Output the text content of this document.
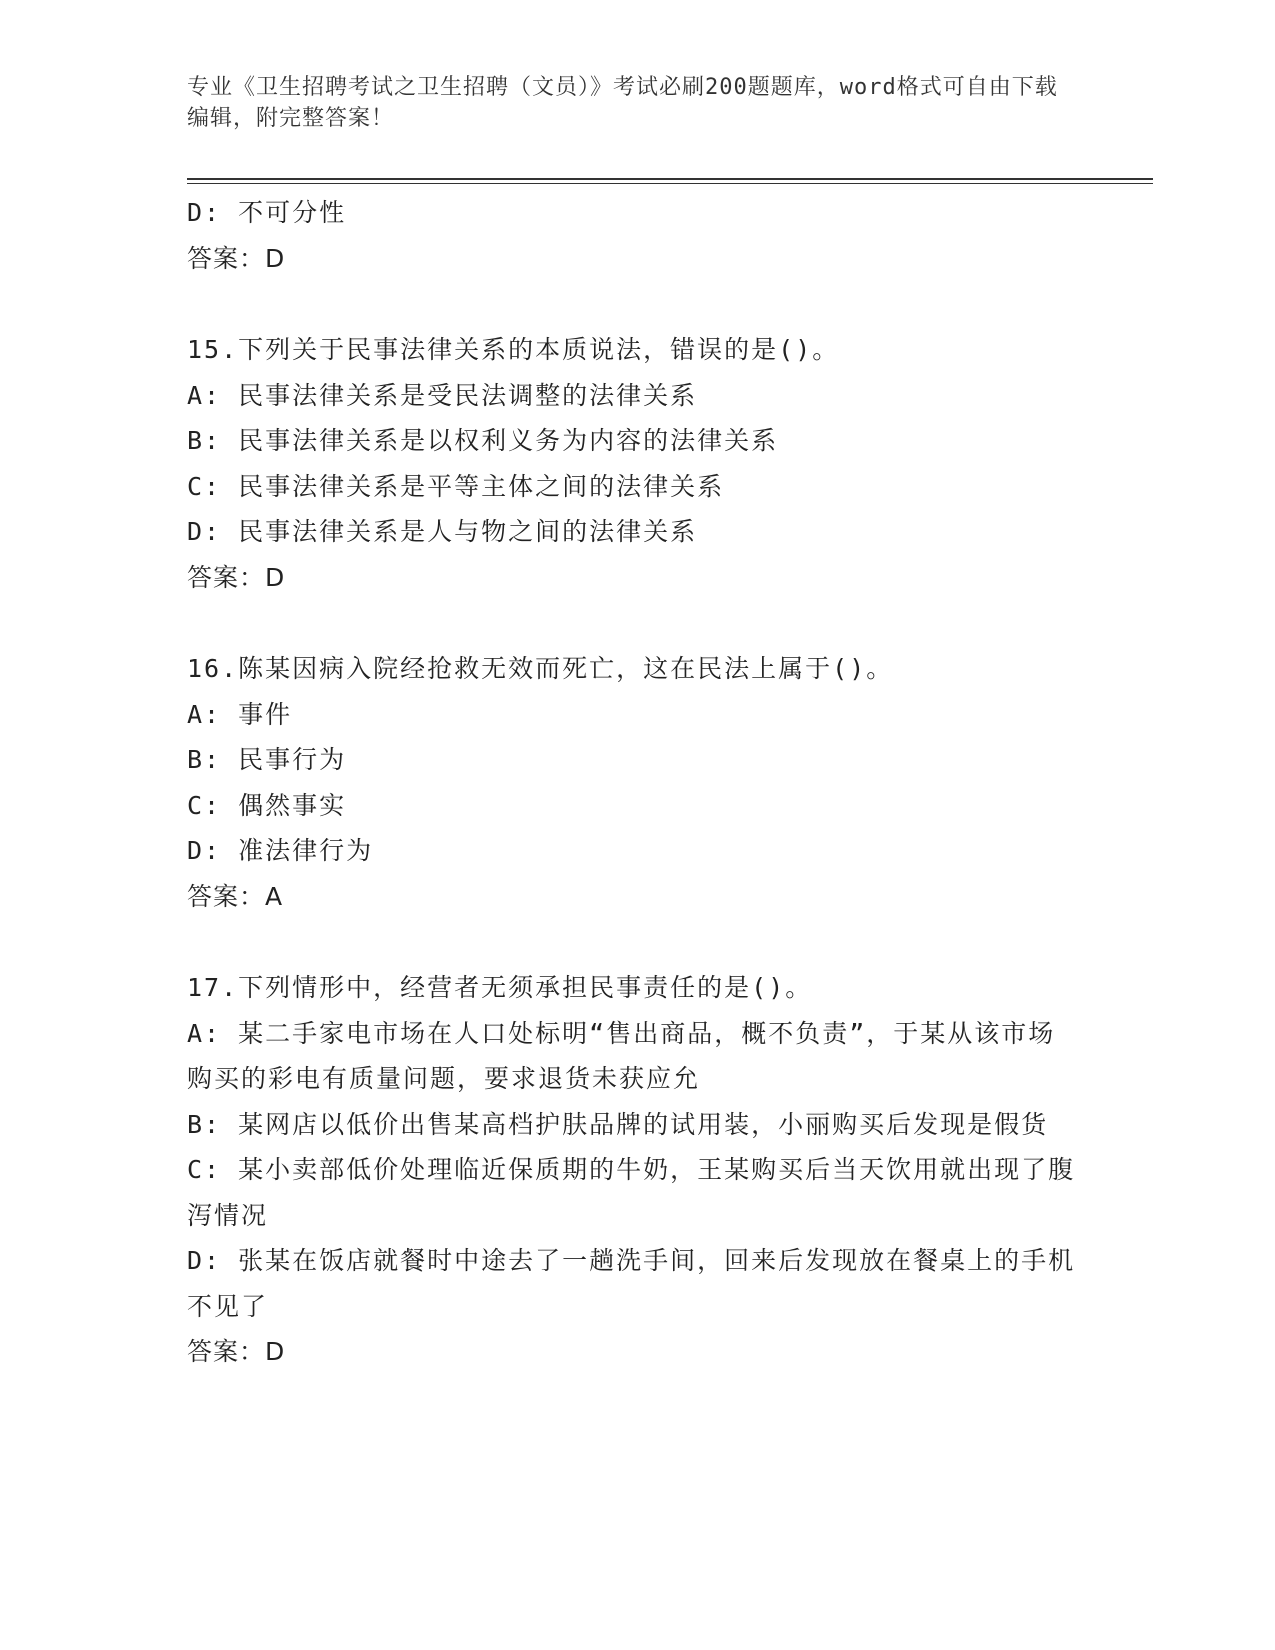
专业《卫生招聘考试之卫生招聘（文员）》考试必刷200题题库，word格式可自由下载编辑，附完整答案！
D: 不可分性
答案：D
15.下列关于民事法律关系的本质说法，错误的是()。
A: 民事法律关系是受民法调整的法律关系
B: 民事法律关系是以权利义务为内容的法律关系
C: 民事法律关系是平等主体之间的法律关系
D: 民事法律关系是人与物之间的法律关系
答案：D
16.陈某因病入院经抢救无效而死亡，这在民法上属于()。
A: 事件
B: 民事行为
C: 偶然事实
D: 准法律行为
答案：A
17.下列情形中，经营者无须承担民事责任的是()。
A: 某二手家电市场在人口处标明“售出商品，概不负责”，于某从该市场购买的彩电有质量问题，要求退货未获应允
B: 某网店以低价出售某高档护肤品牌的试用装，小丽购买后发现是假货
C: 某小卖部低价处理临近保质期的牛奶，王某购买后当天饮用就出现了腹泻情况
D: 张某在饭店就餐时中途去了一趟洗手间，回来后发现放在餐桌上的手机不见了
答案：D
